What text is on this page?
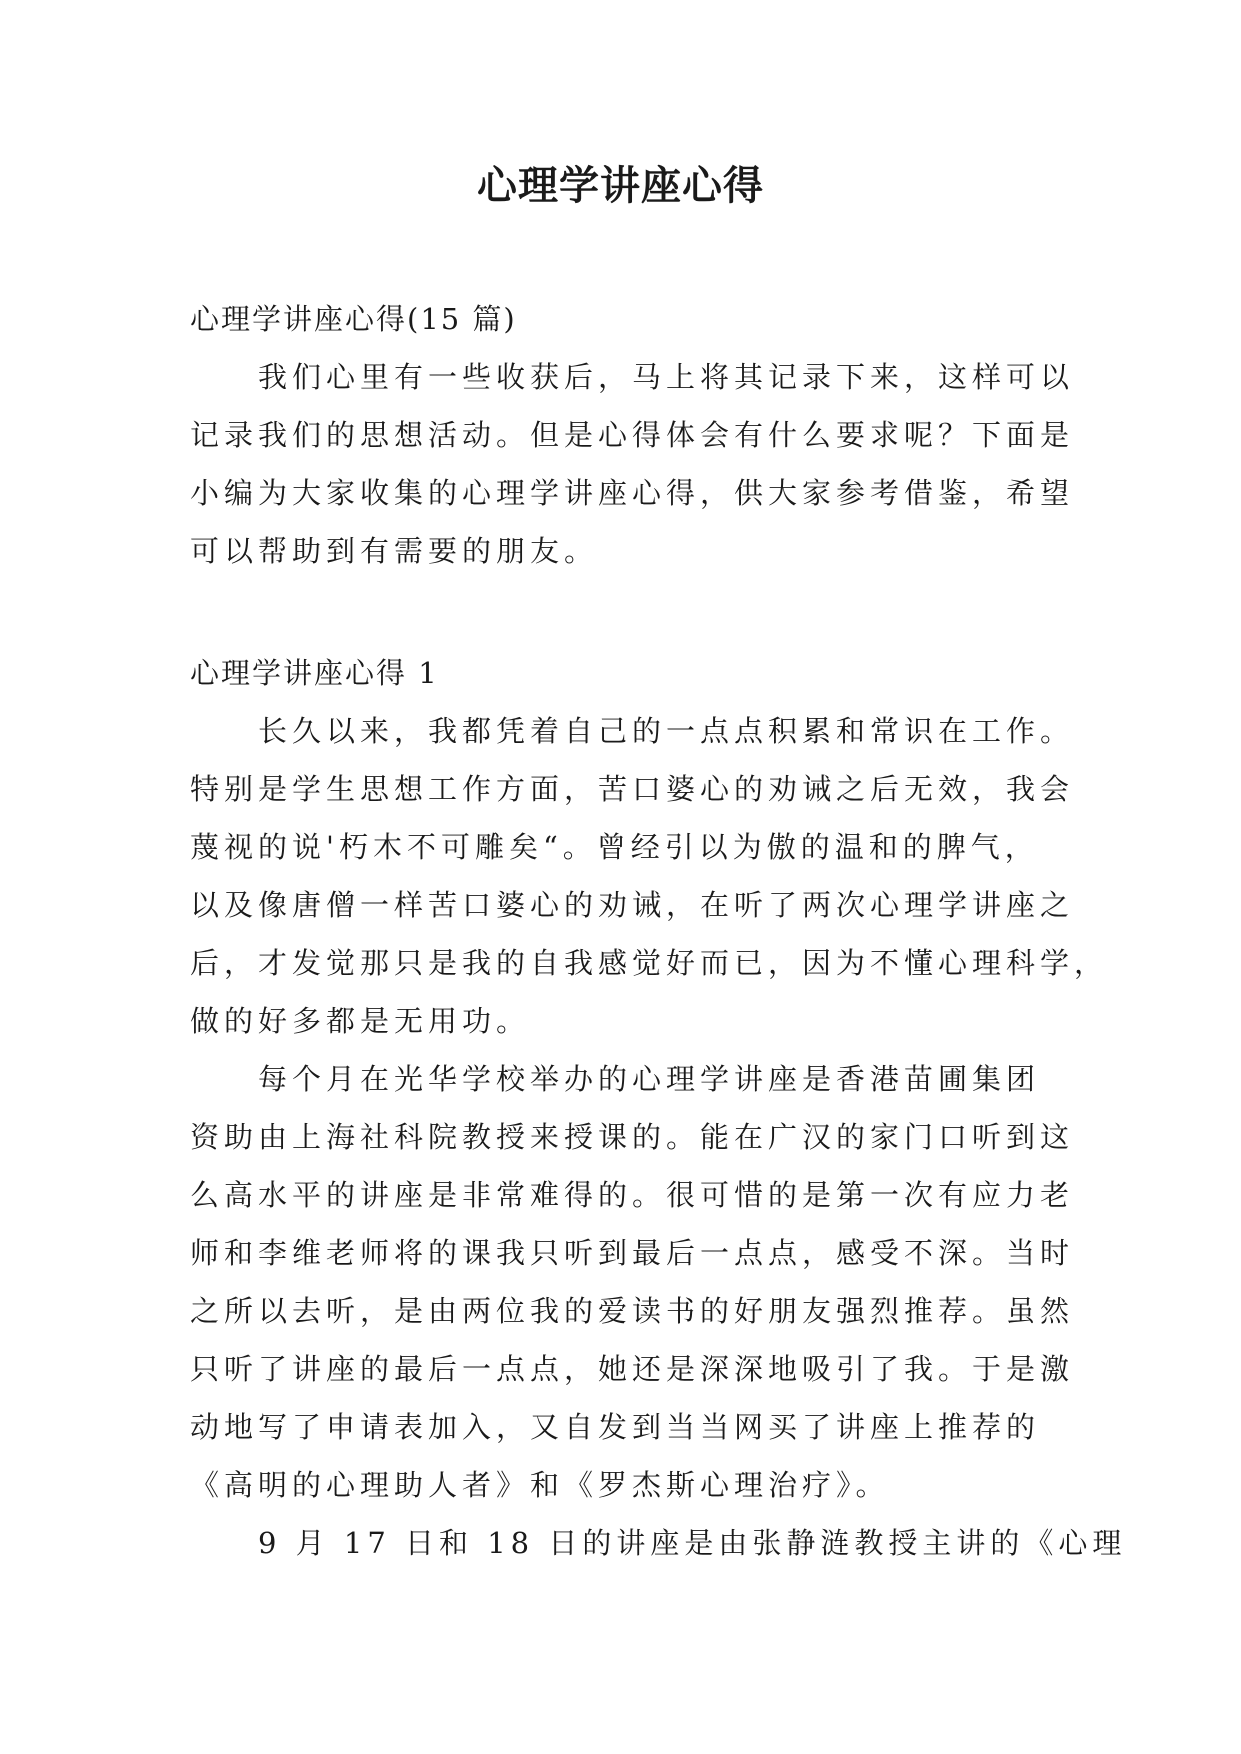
心理学讲座心得
心理学讲座心得(15 篇)
我们心里有一些收获后，马上将其记录下来，这样可以
记录我们的思想活动。但是心得体会有什么要求呢？下面是
小编为大家收集的心理学讲座心得，供大家参考借鉴，希望
可以帮助到有需要的朋友。
心理学讲座心得 1
长久以来，我都凭着自己的一点点积累和常识在工作。
特别是学生思想工作方面，苦口婆心的劝诫之后无效，我会
蔑视的说'朽木不可雕矣“。曾经引以为傲的温和的脾气，
以及像唐僧一样苦口婆心的劝诫，在听了两次心理学讲座之
后，才发觉那只是我的自我感觉好而已，因为不懂心理科学，
做的好多都是无用功。
每个月在光华学校举办的心理学讲座是香港苗圃集团
资助由上海社科院教授来授课的。能在广汉的家门口听到这
么高水平的讲座是非常难得的。很可惜的是第一次有应力老
师和李维老师将的课我只听到最后一点点，感受不深。当时
之所以去听，是由两位我的爱读书的好朋友强烈推荐。虽然
只听了讲座的最后一点点，她还是深深地吸引了我。于是激
动地写了申请表加入，又自发到当当网买了讲座上推荐的
《高明的心理助人者》和《罗杰斯心理治疗》。
9 月 17 日和 18 日的讲座是由张静涟教授主讲的《心理
